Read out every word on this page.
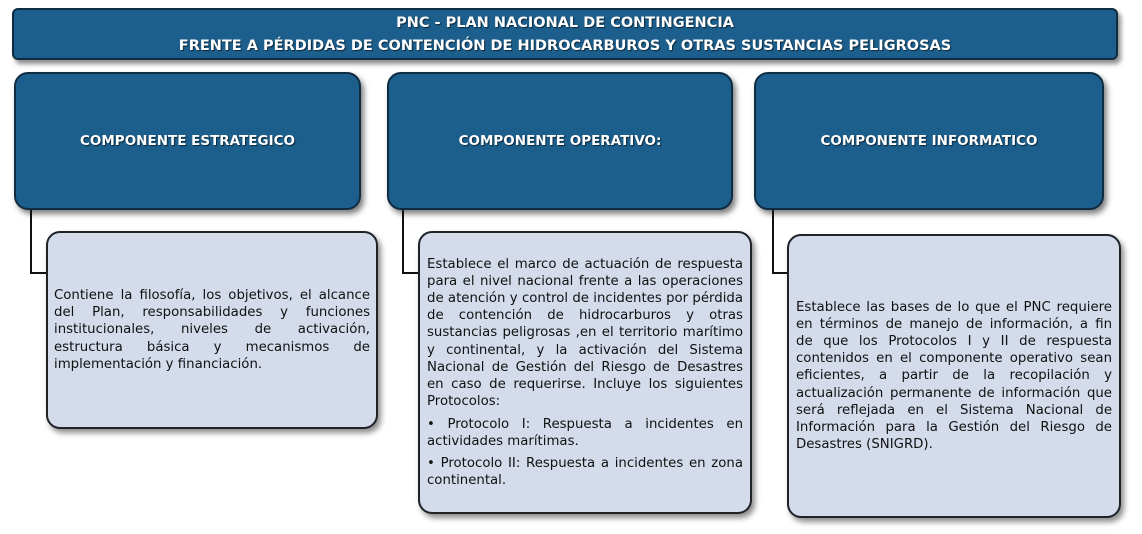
PNC - PLAN NACIONAL DE CONTINGENCIA
FRENTE A PÉRDIDAS DE CONTENCIÓN DE HIDROCARBUROS Y OTRAS SUSTANCIAS PELIGROSAS
COMPONENTE ESTRATEGICO

Contiene la filosofía, los objetivos, el alcance del Plan, responsabilidades y funciones institucionales, niveles de activación, estructura básica y mecanismos de implementación y financiación.

COMPONENTE OPERATIVO:

Establece el marco de actuación de respuesta para el nivel nacional frente a las operaciones de atención y control de incidentes por pérdida de contención de hidrocarburos y otras sustancias peligrosas ,en el territorio marítimo y continental, y la activación del Sistema Nacional de Gestión del Riesgo de Desastres en caso de requerirse. Incluye los siguientes Protocolos:

• Protocolo I: Respuesta a incidentes en actividades marítimas.

• Protocolo II: Respuesta a incidentes en zona continental.

COMPONENTE INFORMATICO

Establece las bases de lo que el PNC requiere en términos de manejo de información, a fin de que los Protocolos I y II de respuesta contenidos en el componente operativo sean eficientes, a partir de la recopilación y actualización permanente de información que será reflejada en el Sistema Nacional de Información para la Gestión del Riesgo de Desastres (SNIGRD).
